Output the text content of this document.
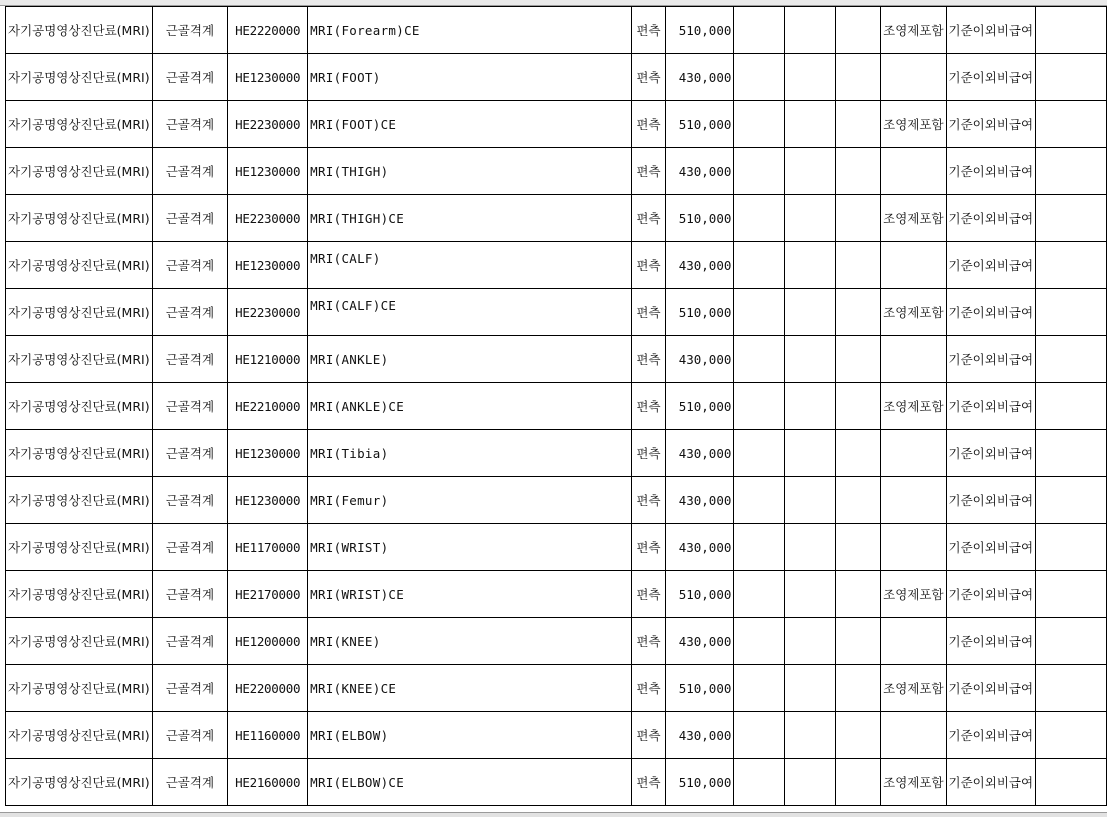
자기공명영상진단료(MRI)	근골격계	HE2220000	MRI(Forearm)CE	편측	510,000				조영제포함	기준이외비급여	
자기공명영상진단료(MRI)	근골격계	HE1230000	MRI(FOOT)	편측	430,000					기준이외비급여	
자기공명영상진단료(MRI)	근골격계	HE2230000	MRI(FOOT)CE	편측	510,000				조영제포함	기준이외비급여	
자기공명영상진단료(MRI)	근골격계	HE1230000	MRI(THIGH)	편측	430,000					기준이외비급여	
자기공명영상진단료(MRI)	근골격계	HE2230000	MRI(THIGH)CE	편측	510,000				조영제포함	기준이외비급여	
자기공명영상진단료(MRI)	근골격계	HE1230000	MRI(CALF)	편측	430,000					기준이외비급여	
자기공명영상진단료(MRI)	근골격계	HE2230000	MRI(CALF)CE	편측	510,000				조영제포함	기준이외비급여	
자기공명영상진단료(MRI)	근골격계	HE1210000	MRI(ANKLE)	편측	430,000					기준이외비급여	
자기공명영상진단료(MRI)	근골격계	HE2210000	MRI(ANKLE)CE	편측	510,000				조영제포함	기준이외비급여	
자기공명영상진단료(MRI)	근골격계	HE1230000	MRI(Tibia)	편측	430,000					기준이외비급여	
자기공명영상진단료(MRI)	근골격계	HE1230000	MRI(Femur)	편측	430,000					기준이외비급여	
자기공명영상진단료(MRI)	근골격계	HE1170000	MRI(WRIST)	편측	430,000					기준이외비급여	
자기공명영상진단료(MRI)	근골격계	HE2170000	MRI(WRIST)CE	편측	510,000				조영제포함	기준이외비급여	
자기공명영상진단료(MRI)	근골격계	HE1200000	MRI(KNEE)	편측	430,000					기준이외비급여	
자기공명영상진단료(MRI)	근골격계	HE2200000	MRI(KNEE)CE	편측	510,000				조영제포함	기준이외비급여	
자기공명영상진단료(MRI)	근골격계	HE1160000	MRI(ELBOW)	편측	430,000					기준이외비급여	
자기공명영상진단료(MRI)	근골격계	HE2160000	MRI(ELBOW)CE	편측	510,000				조영제포함	기준이외비급여	
